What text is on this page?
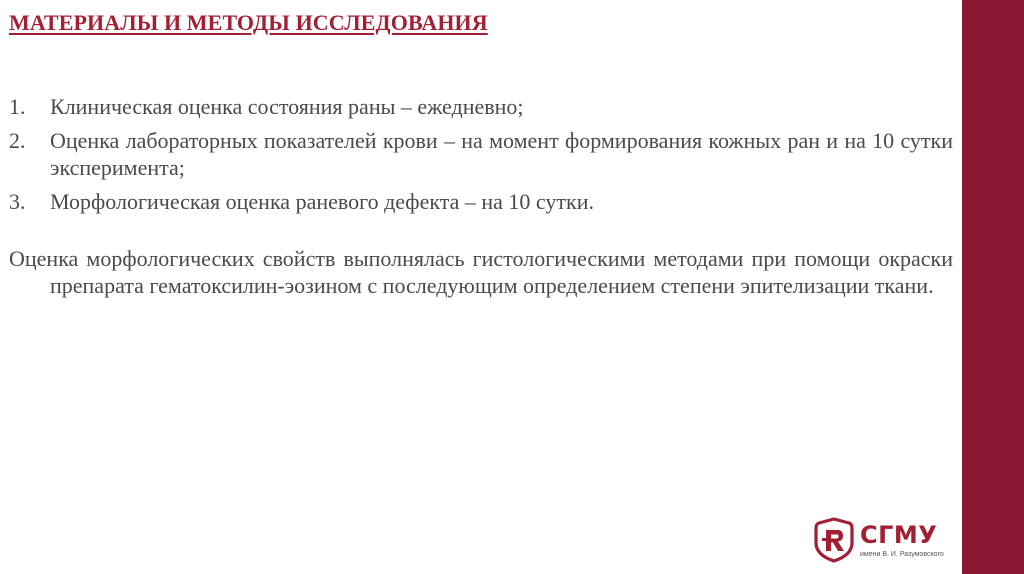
МАТЕРИАЛЫ И МЕТОДЫ ИССЛЕДОВАНИЯ
1.	Клиническая оценка состояния раны – ежедневно;
2.	Оценка лабораторных показателей крови – на момент формирования кожных ран и на 10 сутки эксперимента;
3.	Морфологическая оценка раневого дефекта – на 10 сутки.

Оценка морфологических свойств выполнялась гистологическими методами при помощи окраски препарата гематоксилин-эозином с последующим определением степени эпителизации ткани.

СГМУ
имени В. И. Разумовского
